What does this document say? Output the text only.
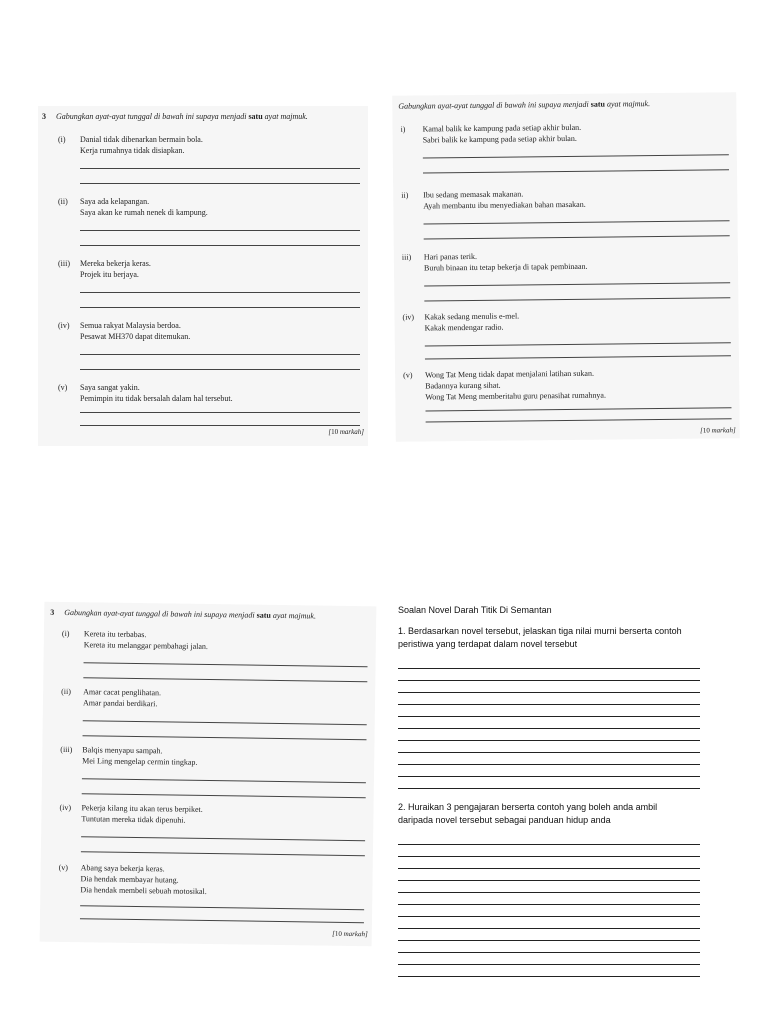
3 Gabungkan ayat-ayat tunggal di bawah ini supaya menjadi satu ayat majmuk.
(i)	Danial tidak dibenarkan bermain bola.
Kerja rumahnya tidak disiapkan.
(ii)	Saya ada kelapangan.
Saya akan ke rumah nenek di kampung.
(iii)	Mereka bekerja keras.
Projek itu berjaya.
(iv)	Semua rakyat Malaysia berdoa.
Pesawat MH370 dapat ditemukan.
(v)	Saya sangat yakin.
Pemimpin itu tidak bersalah dalam hal tersebut.
[10 markah]
Gabungkan ayat-ayat tunggal di bawah ini supaya menjadi satu ayat majmuk.
i)	Kamal balik ke kampung pada setiap akhir bulan.
Sabri balik ke kampung pada setiap akhir bulan.
ii)	Ibu sedang memasak makanan.
Ayah membantu ibu menyediakan bahan masakan.
iii)	Hari panas terik.
Buruh binaan itu tetap bekerja di tapak pembinaan.
(iv)	Kakak sedang menulis e-mel.
Kakak mendengar radio.
(v)	Wong Tat Meng tidak dapat menjalani latihan sukan.
Badannya kurang sihat.
Wong Tat Meng memberitahu guru penasihat rumahnya.
[10 markah]
3 Gabungkan ayat-ayat tunggal di bawah ini supaya menjadi satu ayat majmuk.
(i)	Kereta itu terbabas.
Kereta itu melanggar pembahagi jalan.
(ii)	Amar cacat penglihatan.
Amar pandai berdikari.
(iii)	Balqis menyapu sampah.
Mei Ling mengelap cermin tingkap.
(iv)	Pekerja kilang itu akan terus berpiket.
Tuntutan mereka tidak dipenuhi.
(v)	Abang saya bekerja keras.
Dia hendak membayar hutang.
Dia hendak membeli sebuah motosikal.
[10 markah]
Soalan Novel Darah Titik Di Semantan
1. Berdasarkan novel tersebut, jelaskan tiga nilai murni berserta contoh
peristiwa yang terdapat dalam novel tersebut
2. Huraikan 3 pengajaran berserta contoh yang boleh anda ambil
daripada novel tersebut sebagai panduan hidup anda
